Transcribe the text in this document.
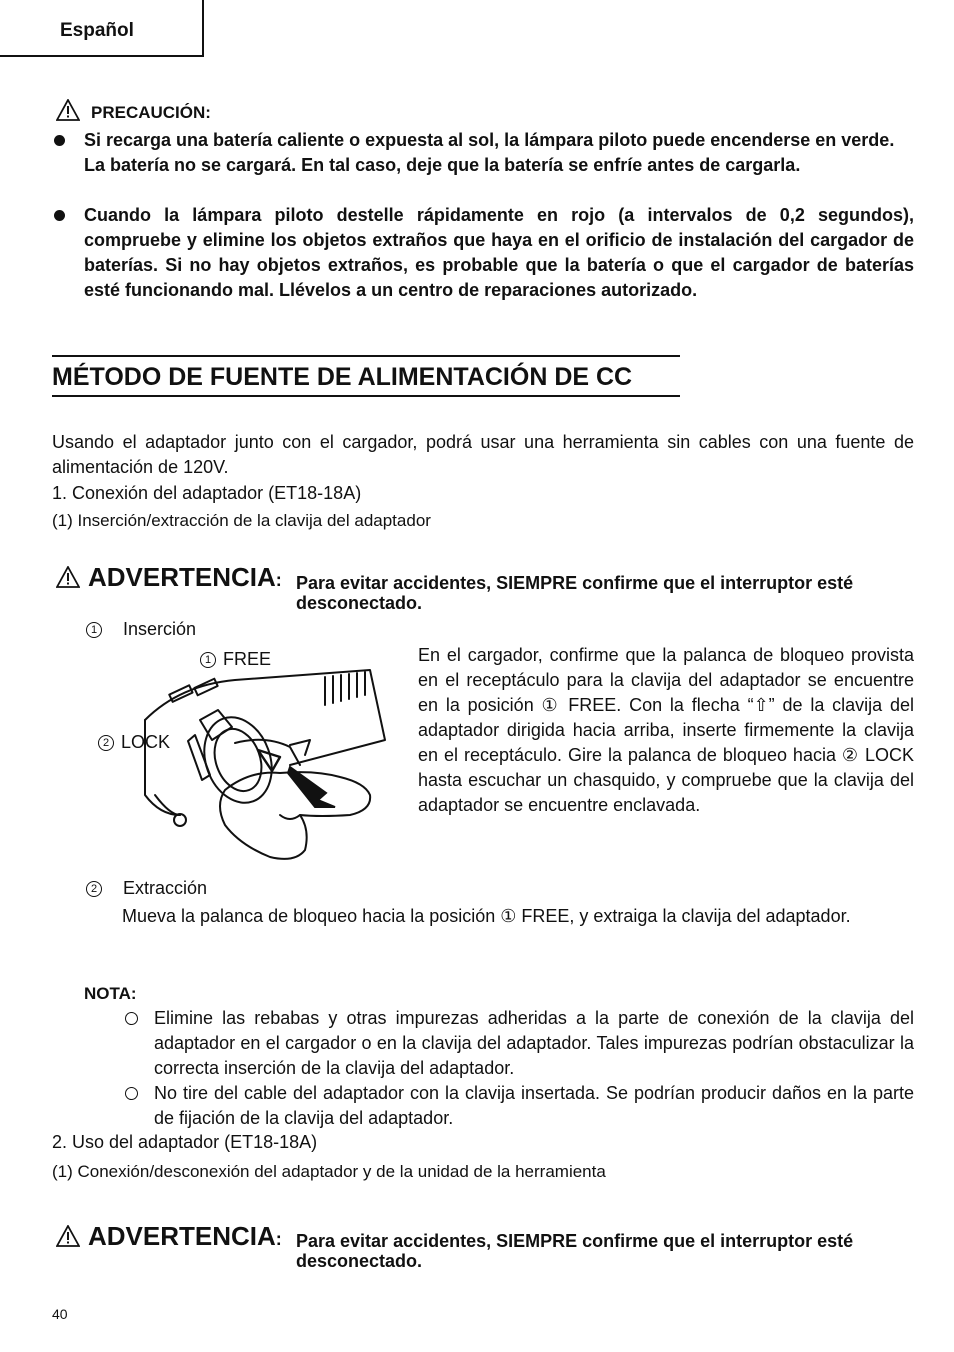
Español
PRECAUCIÓN:
Si recarga una batería caliente o expuesta al sol, la lámpara piloto puede encenderse en verde.
La batería no se cargará. En tal caso, deje que la batería se enfríe antes de cargarla.
Cuando la lámpara piloto destelle rápidamente en rojo (a intervalos de 0,2 segundos), compruebe y elimine los objetos extraños que haya en el orificio de instalación del cargador de baterías. Si no hay objetos extraños, es probable que la batería o que el cargador de baterías esté funcionando mal. Llévelos a un centro de reparaciones autorizado.
MÉTODO DE FUENTE DE ALIMENTACIÓN DE CC
Usando el adaptador junto con el cargador, podrá usar una herramienta sin cables con una fuente de alimentación de 120V.
1. Conexión del adaptador (ET18-18A)
(1) Inserción/extracción de la clavija del adaptador
ADVERTENCIA: Para evitar accidentes, SIEMPRE confirme que el interruptor esté
desconectado.
1 Inserción
1 FREE
2 LOCK
En el cargador, confirme que la palanca de bloqueo provista en el receptáculo para la clavija del adaptador se encuentre en la posición ① FREE. Con la flecha “⇧” de la clavija del adaptador dirigida hacia arriba, inserte firmemente la clavija en el receptáculo. Gire la palanca de bloqueo hacia ② LOCK hasta escuchar un chasquido, y compruebe que la clavija del adaptador se encuentre enclavada.
2 Extracción
Mueva la palanca de bloqueo hacia la posición ① FREE, y extraiga la clavija del adaptador.
NOTA:
Elimine las rebabas y otras impurezas adheridas a la parte de conexión de la clavija del adaptador en el cargador o en la clavija del adaptador. Tales impurezas podrían obstaculizar la correcta inserción de la clavija del adaptador.
No tire del cable del adaptador con la clavija insertada. Se podrían producir daños en la parte de fijación de la clavija del adaptador.
2. Uso del adaptador (ET18-18A)
(1) Conexión/desconexión del adaptador y de la unidad de la herramienta
ADVERTENCIA: Para evitar accidentes, SIEMPRE confirme que el interruptor esté
desconectado.
40
